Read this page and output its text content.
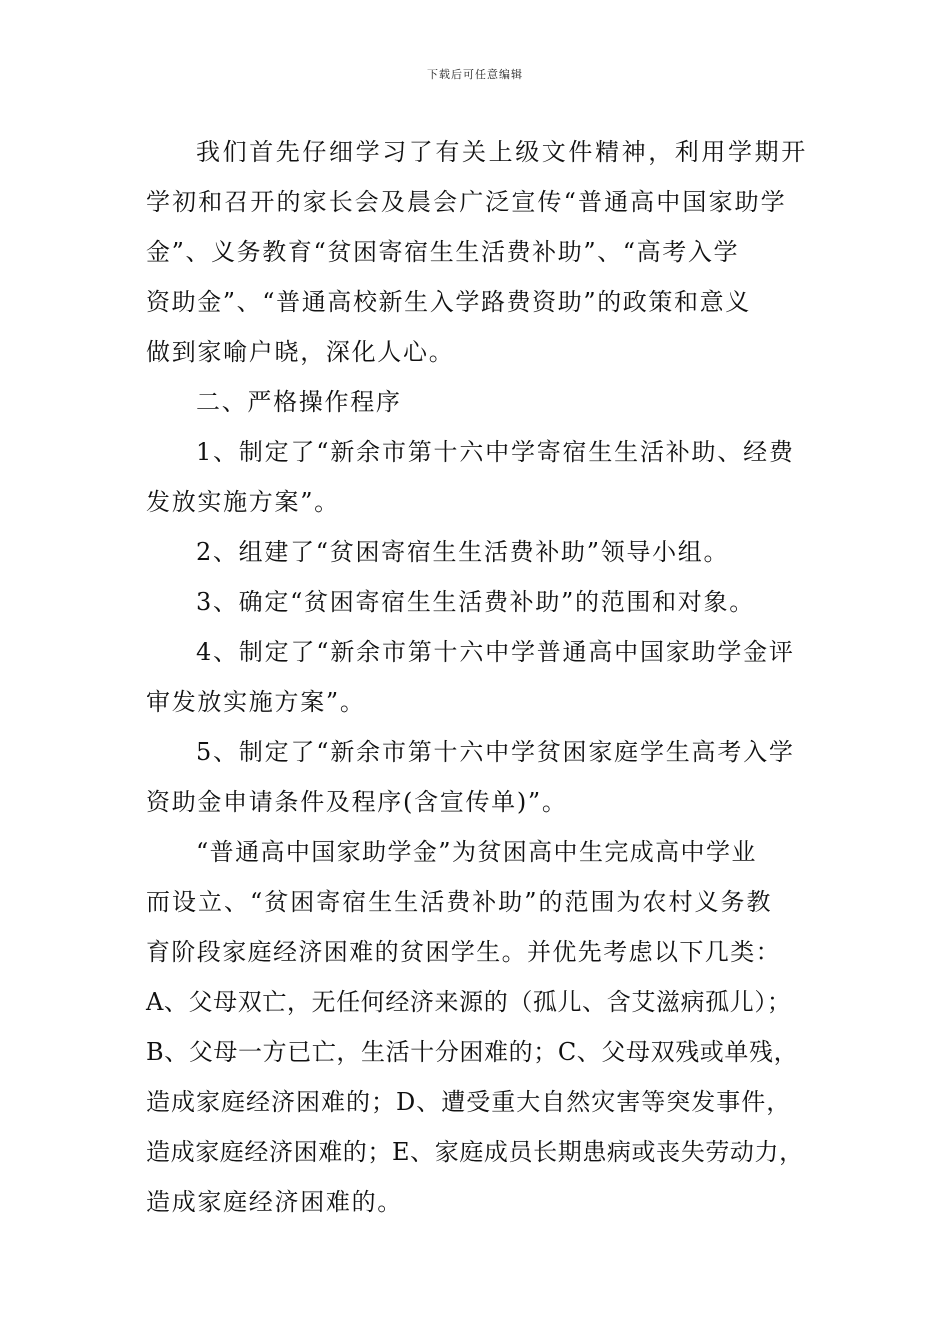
下载后可任意编辑
我们首先仔细学习了有关上级文件精神，利用学期开
学初和召开的家长会及晨会广泛宣传“普通高中国家助学
金”、义务教育“贫困寄宿生生活费补助”、“高考入学
资助金”、“普通高校新生入学路费资助”的政策和意义
做到家喻户晓，深化人心。
二、严格操作程序
1、制定了“新余市第十六中学寄宿生生活补助、经费
发放实施方案”。
2、组建了“贫困寄宿生生活费补助”领导小组。
3、确定“贫困寄宿生生活费补助”的范围和对象。
4、制定了“新余市第十六中学普通高中国家助学金评
审发放实施方案”。
5、制定了“新余市第十六中学贫困家庭学生高考入学
资助金申请条件及程序(含宣传单)”。
“普通高中国家助学金”为贫困高中生完成高中学业
而设立、“贫困寄宿生生活费补助”的范围为农村义务教
育阶段家庭经济困难的贫困学生。并优先考虑以下几类：
A、父母双亡，无任何经济来源的（孤儿、含艾滋病孤儿）；
B、父母一方已亡，生活十分困难的；C、父母双残或单残，
造成家庭经济困难的；D、遭受重大自然灾害等突发事件，
造成家庭经济困难的；E、家庭成员长期患病或丧失劳动力，
造成家庭经济困难的。
